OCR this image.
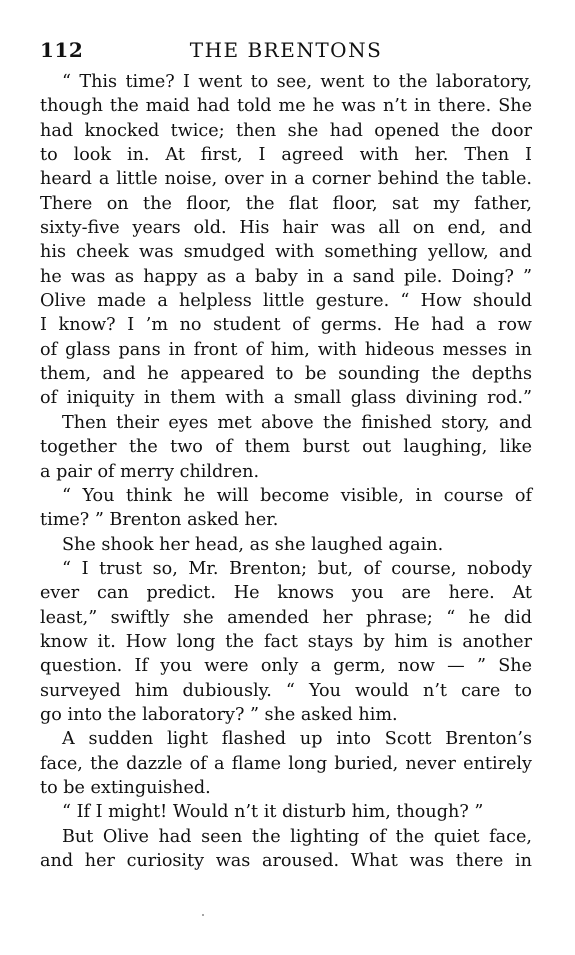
112	THE BRENTONS
“ This time? I went to see, went to the laboratory,
though the maid had told me he was n’t in there. She
had knocked twice; then she had opened the door
to look in. At first, I agreed with her. Then I
heard a little noise, over in a corner behind the table.
There on the floor, the flat floor, sat my father,
sixty-five years old. His hair was all on end, and
his cheek was smudged with something yellow, and
he was as happy as a baby in a sand pile. Doing? ”
Olive made a helpless little gesture. “ How should
I know? I ’m no student of germs. He had a row
of glass pans in front of him, with hideous messes in
them, and he appeared to be sounding the depths
of iniquity in them with a small glass divining rod.”
Then their eyes met above the finished story, and
together the two of them burst out laughing, like
a pair of merry children.
“ You think he will become visible, in course of
time? ” Brenton asked her.
She shook her head, as she laughed again.
“ I trust so, Mr. Brenton; but, of course, nobody
ever can predict. He knows you are here. At
least,” swiftly she amended her phrase; “ he did
know it. How long the fact stays by him is another
question. If you were only a germ, now — ” She
surveyed him dubiously. “ You would n’t care to
go into the laboratory? ” she asked him.
A sudden light flashed up into Scott Brenton’s
face, the dazzle of a flame long buried, never entirely
to be extinguished.
“ If I might! Would n’t it disturb him, though? ”
But Olive had seen the lighting of the quiet face,
and her curiosity was aroused. What was there in
